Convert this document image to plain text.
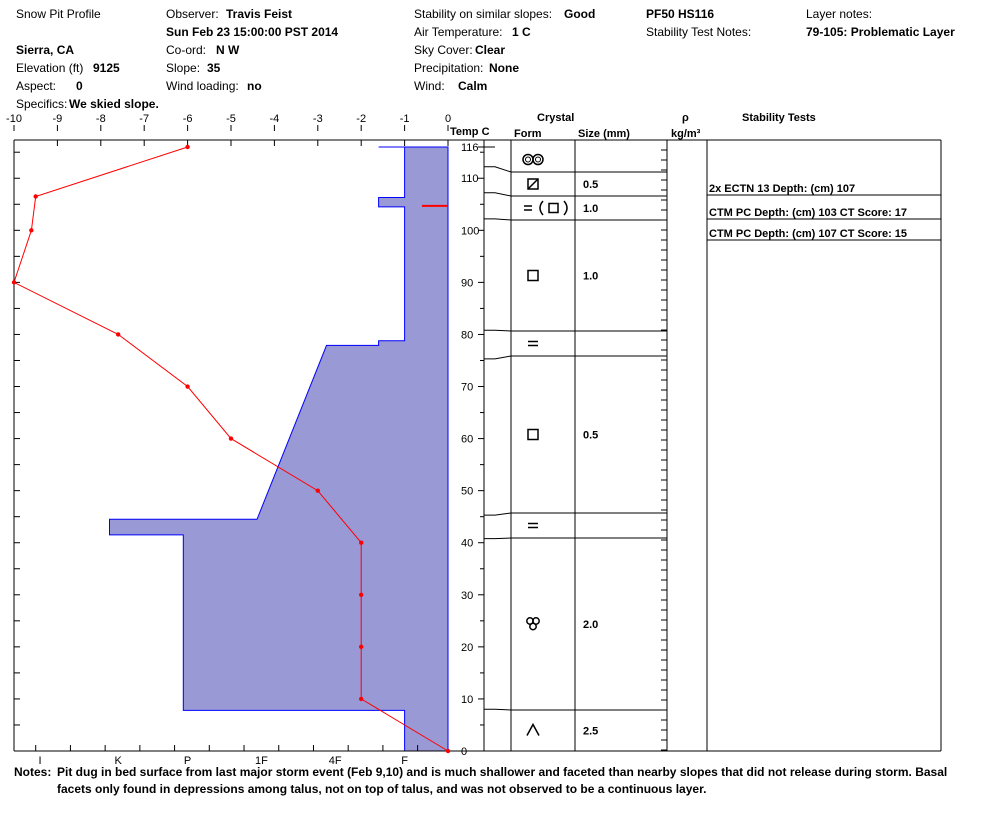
Snow Pit Profile
Sierra, CA
Elevation (ft) 9125
Aspect: 0
Specifics: We skied slope.
Observer: Travis Feist
Sun Feb 23 15:00:00 PST 2014
Co-ord: N W
Slope: 35
Wind loading: no
Stability on similar slopes: Good
Air Temperature: 1 C
Sky Cover: Clear
Precipitation: None
Wind: Calm
PF50 HS116
Stability Test Notes:
Layer notes:
79-105: Problematic Layer
Temp C
Crystal
Form	Size (mm)
ρ
kg/m³
Stability Tests
Notes: Pit dug in bed surface from last major storm event (Feb 9,10) and is much shallower and faceted than nearby slopes that did not release during storm. Basal
facets only found in depressions among talus, not on top of talus, and was not observed to be a continuous layer.
-10	-9	-8	-7	-6	-5	-4	-3	-2	-1	0
I	K	P	1F	4F	F
0
10
20
30
40
50
60
70
80
90
100
110
116
0.5
1.0
1.0
0.5
2.0
2.5
2x ECTN 13 Depth: (cm) 107
CTM PC Depth: (cm) 103 CT Score: 17
CTM PC Depth: (cm) 107 CT Score: 15
